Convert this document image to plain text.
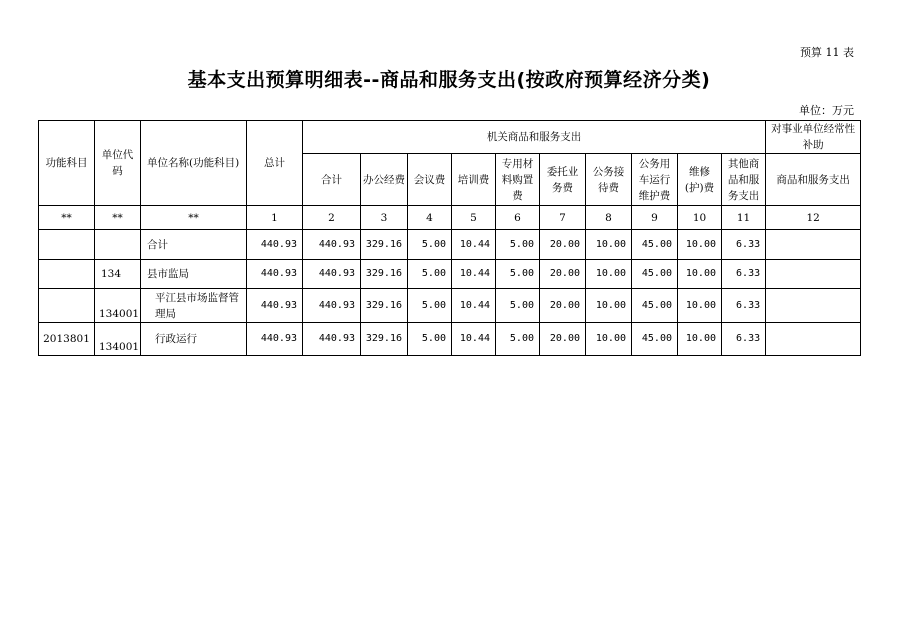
预算 11 表
基本支出预算明细表--商品和服务支出(按政府预算经济分类)
单位：万元
功能科目	单位代码	单位名称(功能科目)	总计	机关商品和服务支出										对事业单位经常性补助
				合计	办公经费	会议费	培训费	专用材料购置费	委托业务费	公务接待费	公务用车运行维护费	维修(护)费	其他商品和服务支出	商品和服务支出
**	**	**	1	2	3	4	5	6	7	8	9	10	11	12
		合计	440.93	440.93	329.16	5.00	10.44	5.00	20.00	10.00	45.00	10.00	6.33	
	134	县市监局	440.93	440.93	329.16	5.00	10.44	5.00	20.00	10.00	45.00	10.00	6.33	
	134001	平江县市场监督管理局	440.93	440.93	329.16	5.00	10.44	5.00	20.00	10.00	45.00	10.00	6.33	
2013801	134001	行政运行	440.93	440.93	329.16	5.00	10.44	5.00	20.00	10.00	45.00	10.00	6.33	
